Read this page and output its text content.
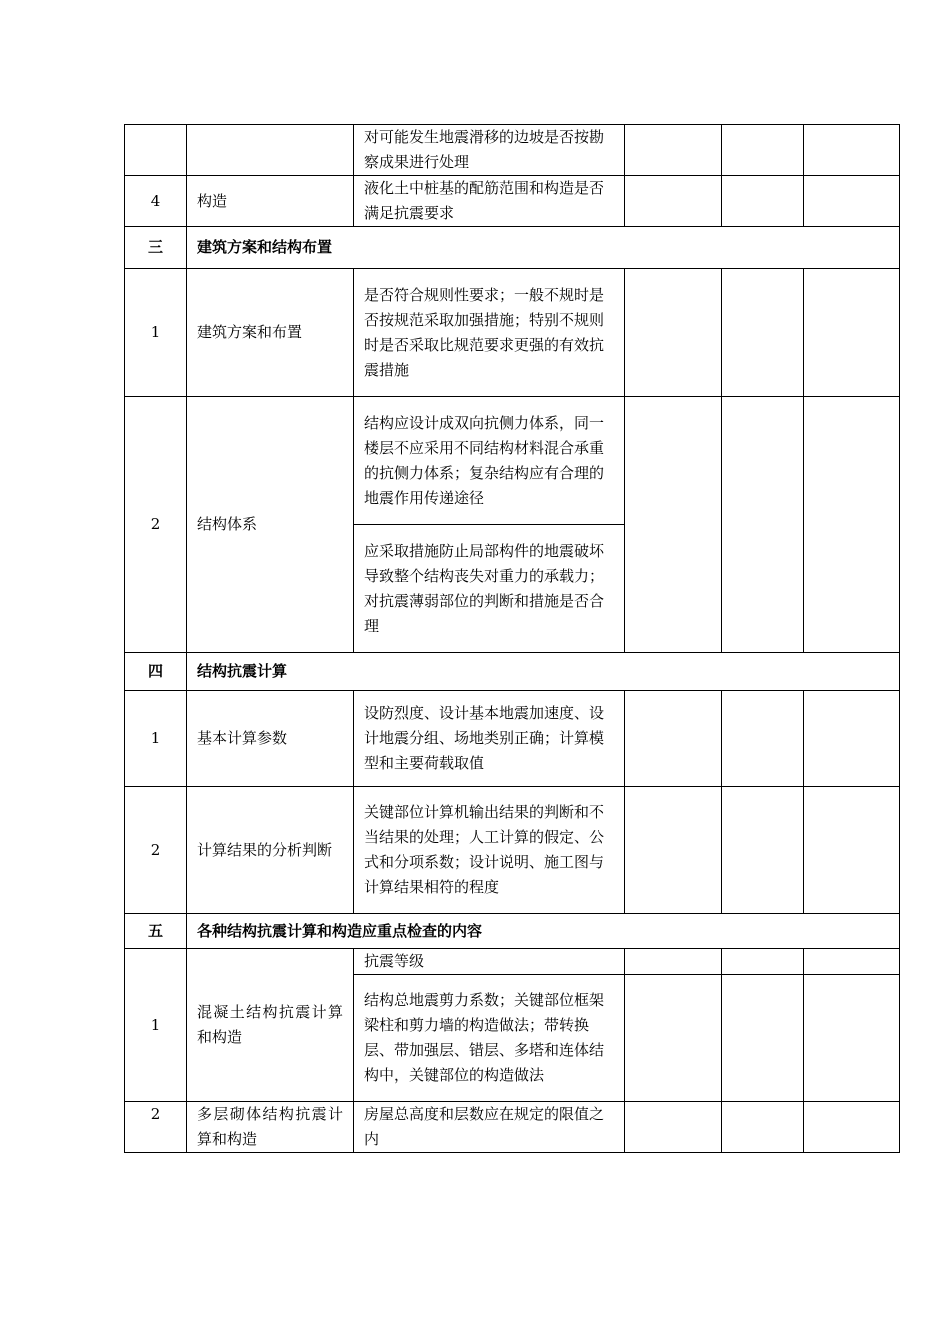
		对可能发生地震滑移的边坡是否按勘察成果进行处理			
4	构造	液化土中桩基的配筋范围和构造是否满足抗震要求			
三	建筑方案和结构布置				
1	建筑方案和布置	是否符合规则性要求；一般不规时是否按规范采取加强措施；特别不规则时是否采取比规范要求更强的有效抗震措施			
2	结构体系	结构应设计成双向抗侧力体系，同一楼层不应采用不同结构材料混合承重的抗侧力体系；复杂结构应有合理的地震作用传递途径			
		应采取措施防止局部构件的地震破坏导致整个结构丧失对重力的承载力；对抗震薄弱部位的判断和措施是否合理			
四	结构抗震计算				
1	基本计算参数	设防烈度、设计基本地震加速度、设计地震分组、场地类别正确；计算模型和主要荷载取值			
2	计算结果的分析判断	关键部位计算机输出结果的判断和不当结果的处理；人工计算的假定、公式和分项系数；设计说明、施工图与计算结果相符的程度			
五	各种结构抗震计算和构造应重点检查的内容				
1	混凝土结构抗震计算和构造	抗震等级			
		结构总地震剪力系数；关键部位框架梁柱和剪力墙的构造做法；带转换层、带加强层、错层、多塔和连体结构中，关键部位的构造做法			
2	多层砌体结构抗震计算和构造	房屋总高度和层数应在规定的限值之内			
